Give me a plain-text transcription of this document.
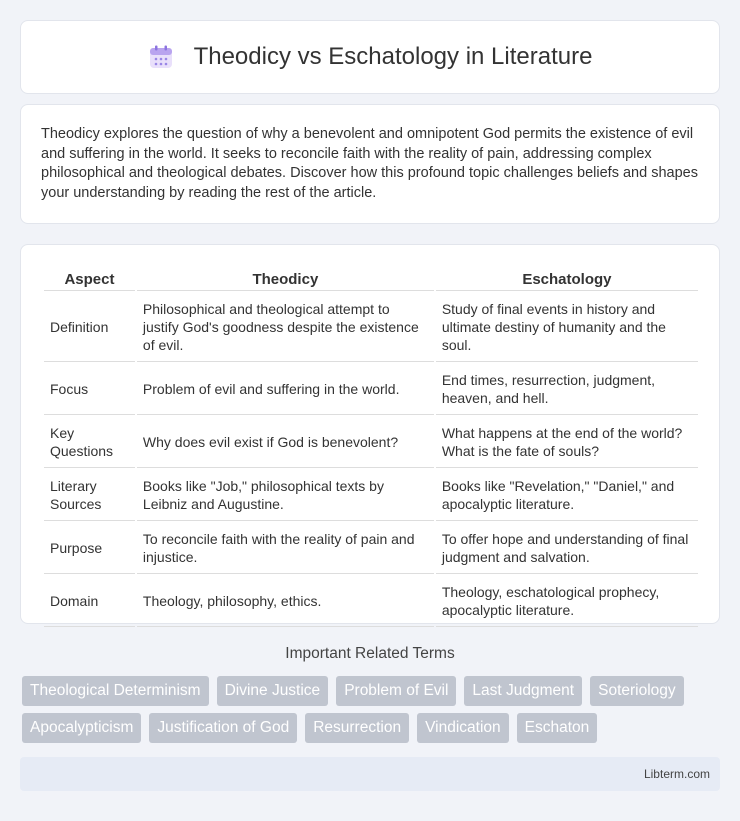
Theodicy vs Eschatology in Literature

Theodicy explores the question of why a benevolent and omnipotent God permits the existence of evil and suffering in the world. It seeks to reconcile faith with the reality of pain, addressing complex philosophical and theological debates. Discover how this profound topic challenges beliefs and shapes your understanding by reading the rest of the article.

Aspect	Theodicy	Eschatology
Definition	Philosophical and theological attempt to justify God's goodness despite the existence of evil.	Study of final events in history and ultimate destiny of humanity and the soul.
Focus	Problem of evil and suffering in the world.	End times, resurrection, judgment, heaven, and hell.
Key Questions	Why does evil exist if God is benevolent?	What happens at the end of the world? What is the fate of souls?
Literary Sources	Books like "Job," philosophical texts by Leibniz and Augustine.	Books like "Revelation," "Daniel," and apocalyptic literature.
Purpose	To reconcile faith with the reality of pain and injustice.	To offer hope and understanding of final judgment and salvation.
Domain	Theology, philosophy, ethics.	Theology, eschatological prophecy, apocalyptic literature.
Important Related Terms
Theological Determinism	Divine Justice	Problem of Evil	Last Judgment	Soteriology
Apocalypticism	Justification of God	Resurrection	Vindication	Eschaton
Libterm.com
